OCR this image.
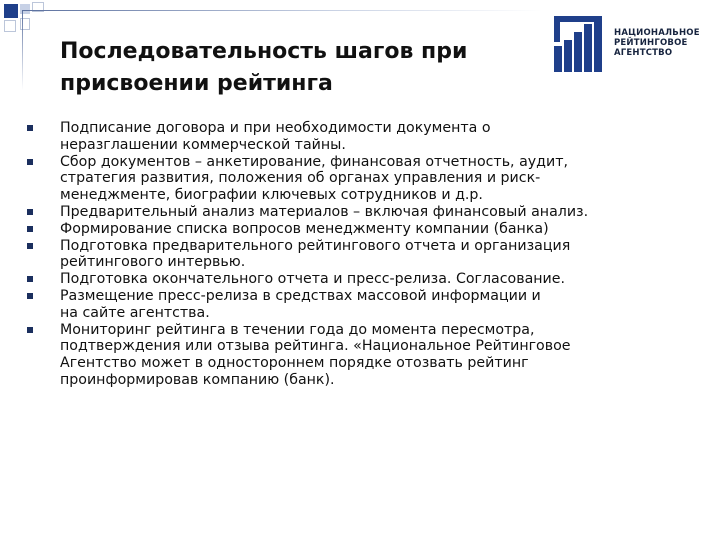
НАЦИОНАЛЬНОЕ
РЕЙТИНГОВОЕ
АГЕНТСТВО
Последовательность шагов при
присвоении рейтинга
Подписание договора и при необходимости документа о
неразглашении коммерческой тайны.
Сбор документов – анкетирование, финансовая отчетность, аудит,
стратегия развития, положения об органах управления и риск-
менеджменте, биографии ключевых сотрудников и д.р.
Предварительный анализ материалов – включая финансовый анализ.
Формирование списка вопросов менеджменту компании (банка)
Подготовка предварительного рейтингового отчета и организация
рейтингового интервью.
Подготовка окончательного отчета и пресс-релиза. Согласование.
Размещение пресс-релиза в средствах массовой информации и
на сайте агентства.
Мониторинг рейтинга в течении года до момента пересмотра,
подтверждения или отзыва рейтинга. «Национальное Рейтинговое
Агентство может в одностороннем порядке отозвать рейтинг
проинформировав компанию (банк).
